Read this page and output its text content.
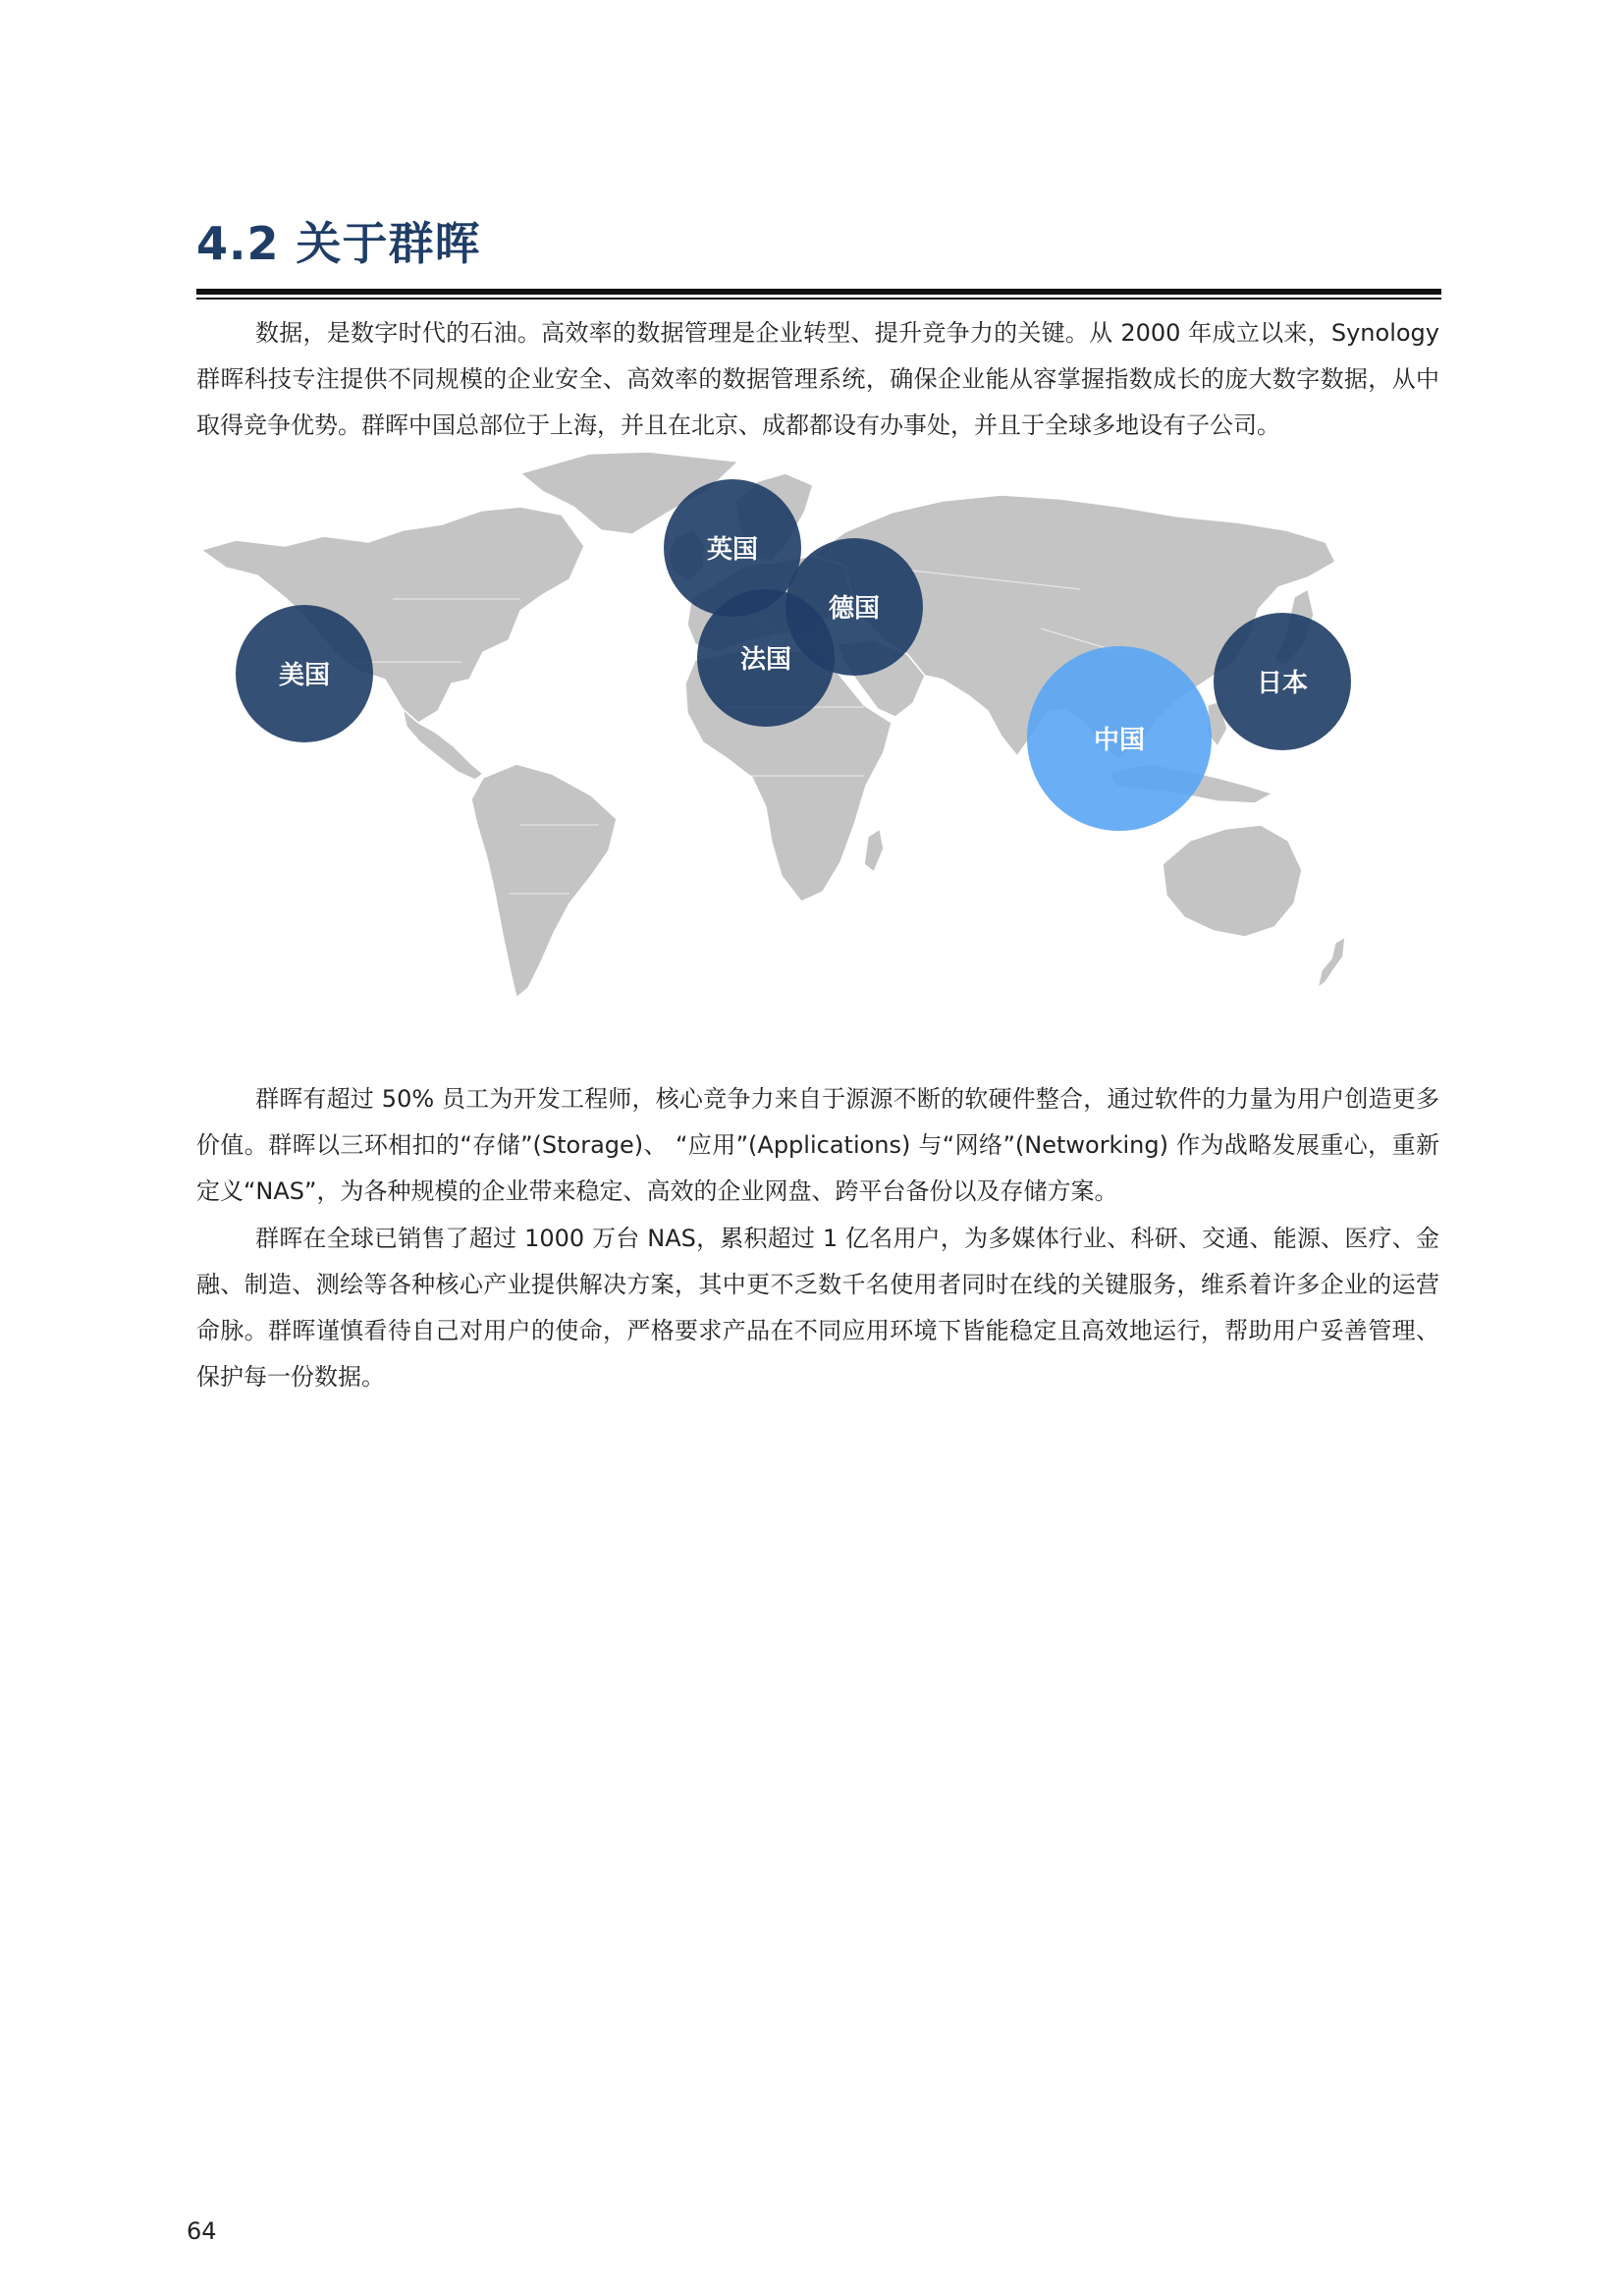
4.2 关于群晖

数据，是数字时代的石油。高效率的数据管理是企业转型、提升竞争力的关键。从 2000 年成立以来，Synology 群晖科技专注提供不同规模的企业安全、高效率的数据管理系统，确保企业能从容掌握指数成长的庞大数字数据，从中取得竞争优势。群晖中国总部位于上海，并且在北京、成都都设有办事处，并且于全球多地设有子公司。

美国
英国
德国
法国
中国
日本

群晖有超过 50% 员工为开发工程师，核心竞争力来自于源源不断的软硬件整合，通过软件的力量为用户创造更多价值。群晖以三环相扣的“存储”(Storage)、 “应用”(Applications) 与“网络”(Networking) 作为战略发展重心，重新定义“NAS”，为各种规模的企业带来稳定、高效的企业网盘、跨平台备份以及存储方案。

群晖在全球已销售了超过 1000 万台 NAS，累积超过 1 亿名用户，为多媒体行业、科研、交通、能源、医疗、金融、制造、测绘等各种核心产业提供解决方案，其中更不乏数千名使用者同时在线的关键服务，维系着许多企业的运营命脉。群晖谨慎看待自己对用户的使命，严格要求产品在不同应用环境下皆能稳定且高效地运行，帮助用户妥善管理、保护每一份数据。

64
